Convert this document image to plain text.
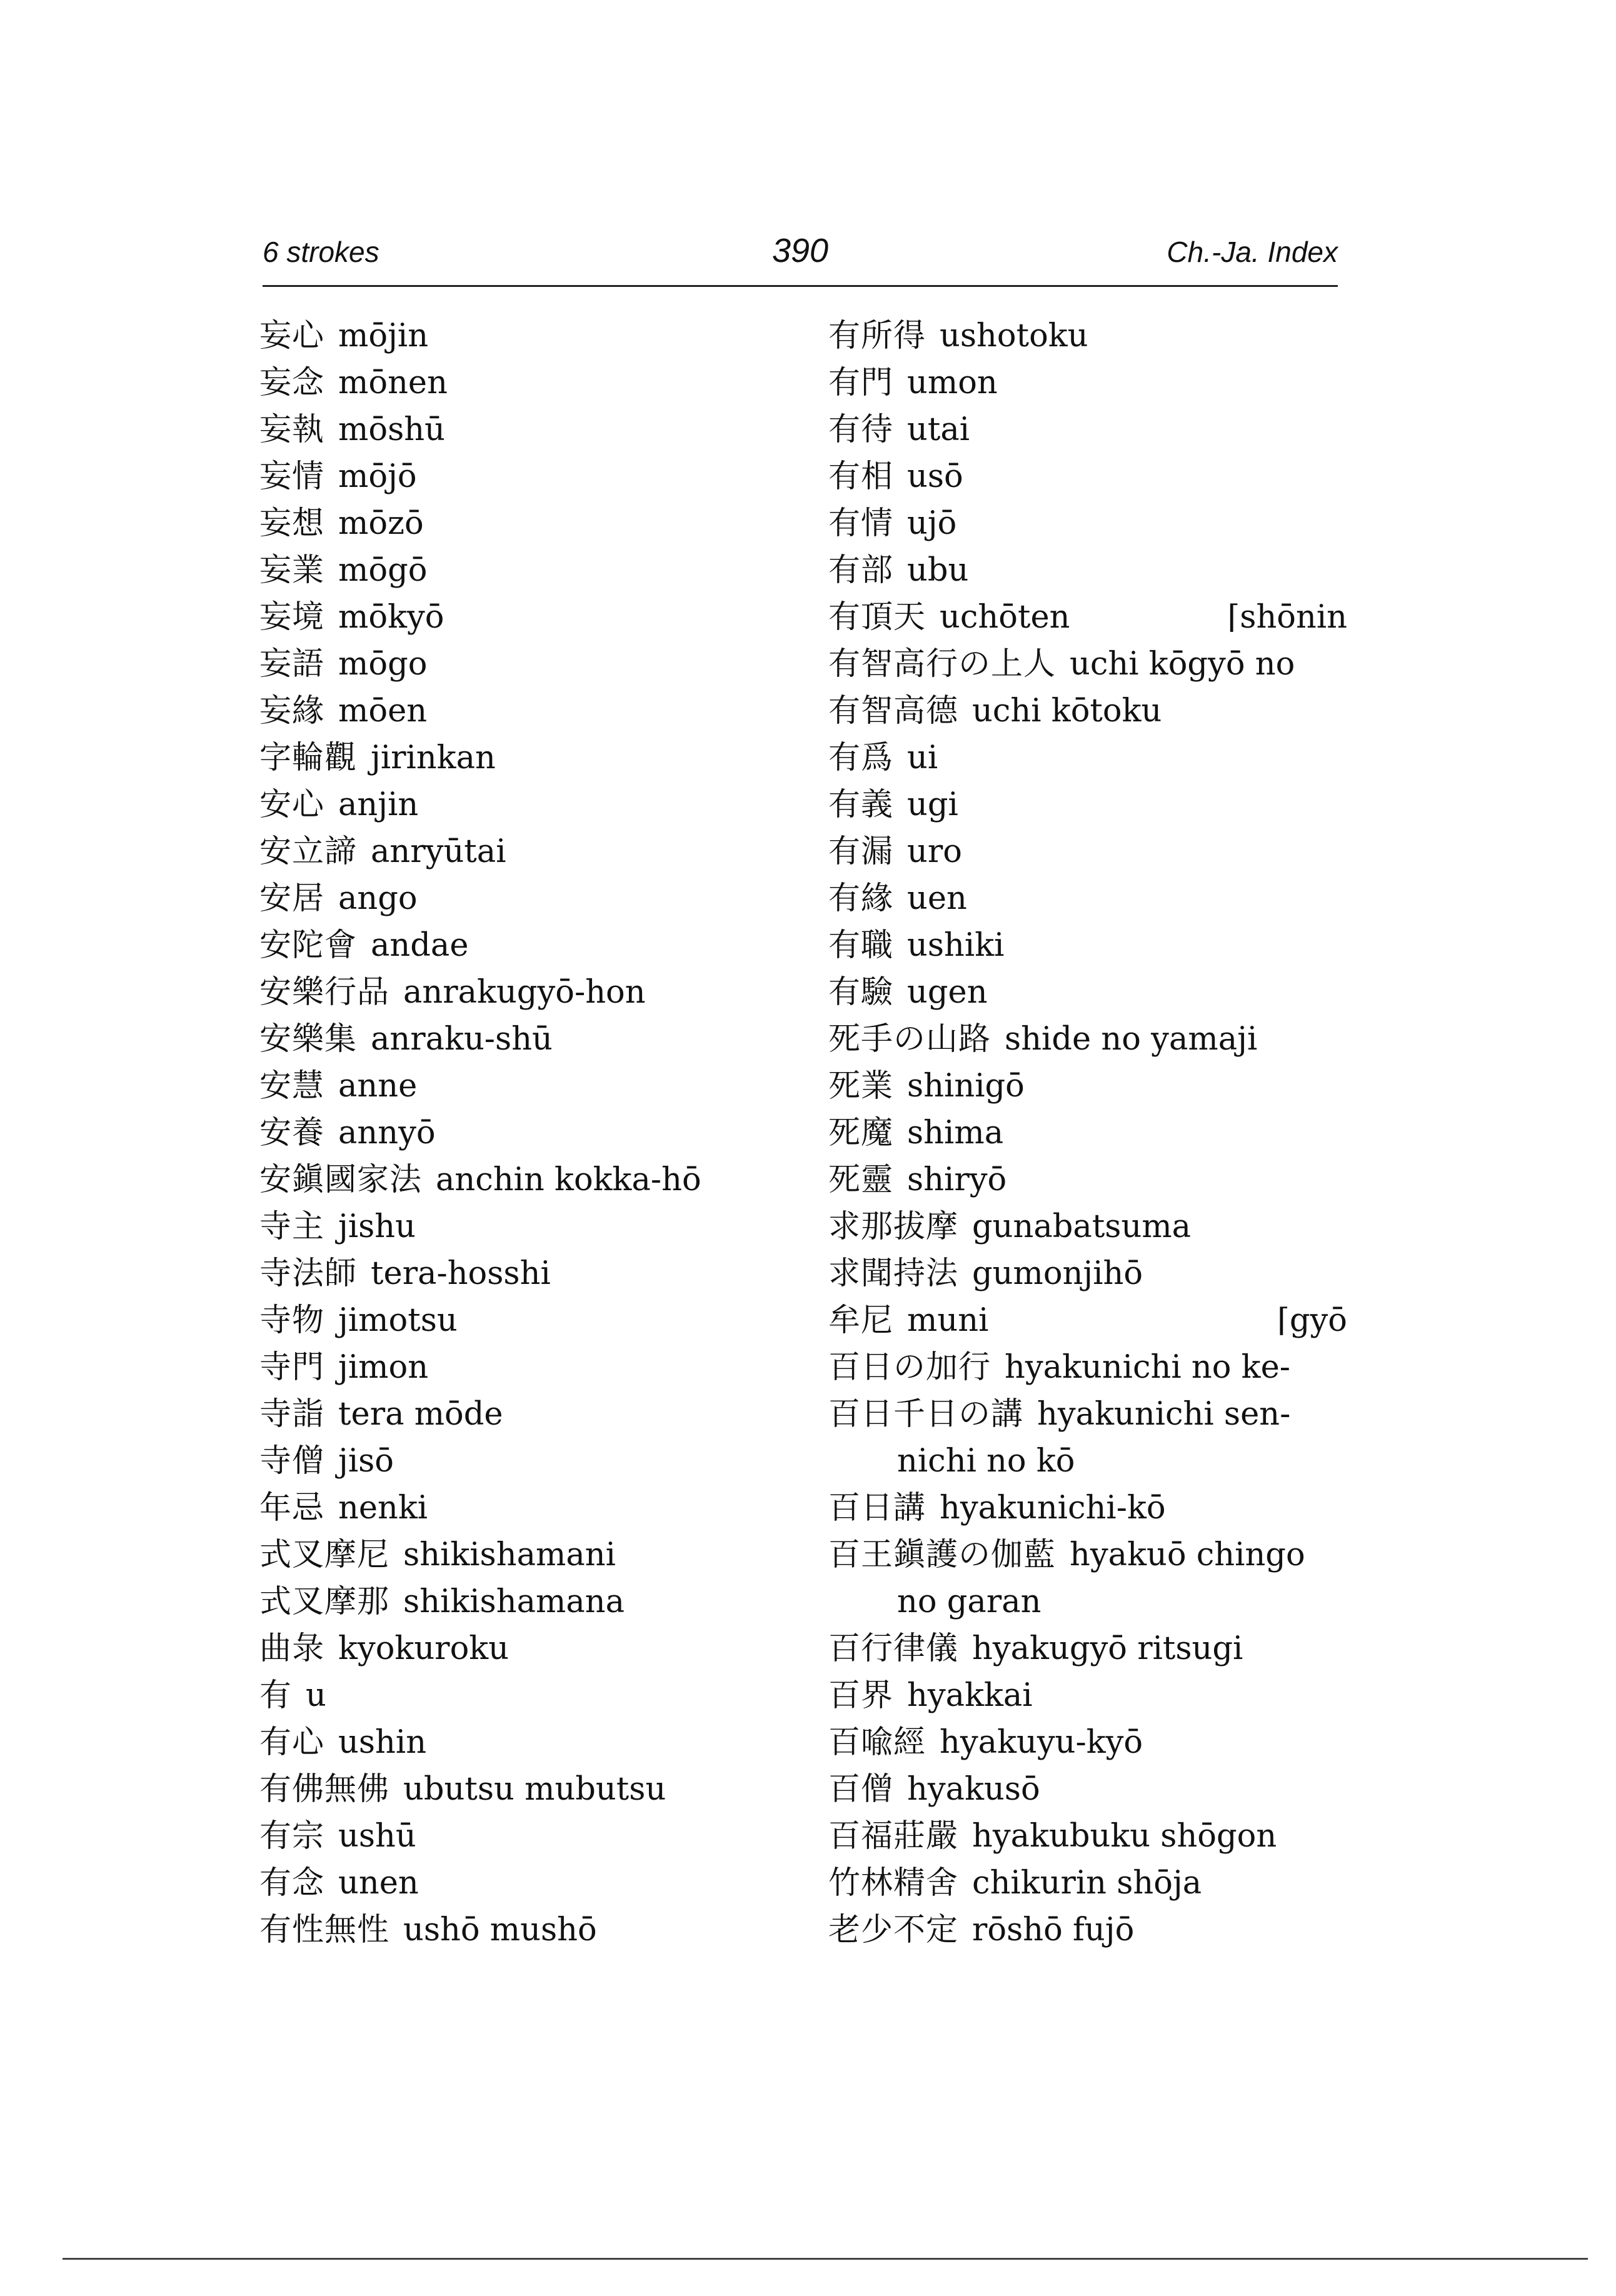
6 strokes	390	Ch.-Ja. Index
妄心 mōjin
妄念 mōnen
妄執 mōshū
妄情 mōjō
妄想 mōzō
妄業 mōgō
妄境 mōkyō
妄語 mōgo
妄緣 mōen
字輪觀 jirinkan
安心 anjin
安立諦 anryūtai
安居 ango
安陀會 andae
安樂行品 anrakugyō-hon
安樂集 anraku-shū
安慧 anne
安養 annyō
安鎭國家法 anchin kokka-hō
寺主 jishu
寺法師 tera-hosshi
寺物 jimotsu
寺門 jimon
寺詣 tera mōde
寺僧 jisō
年忌 nenki
式叉摩尼 shikishamani
式叉摩那 shikishamana
曲彔 kyokuroku
有 u
有心 ushin
有佛無佛 ubutsu mubutsu
有宗 ushū
有念 unen
有性無性 ushō mushō
有所得 ushotoku
有門 umon
有待 utai
有相 usō
有情 ujō
有部 ubu
有頂天 uchōten	⌈shōnin
有智高行の上人 uchi kōgyō no
有智高德 uchi kōtoku
有爲 ui
有義 ugi
有漏 uro
有緣 uen
有職 ushiki
有驗 ugen
死手の山路 shide no yamaji
死業 shinigō
死魔 shima
死靈 shiryō
求那拔摩 gunabatsuma
求聞持法 gumonjihō
牟尼 muni	⌈gyō
百日の加行 hyakunichi no ke-
百日千日の講 hyakunichi sen-
nichi no kō
百日講 hyakunichi-kō
百王鎭護の伽藍 hyakuō chingo
no garan
百行律儀 hyakugyō ritsugi
百界 hyakkai
百喩經 hyakuyu-kyō
百僧 hyakusō
百福莊嚴 hyakubuku shōgon
竹林精舍 chikurin shōja
老少不定 rōshō fujō
